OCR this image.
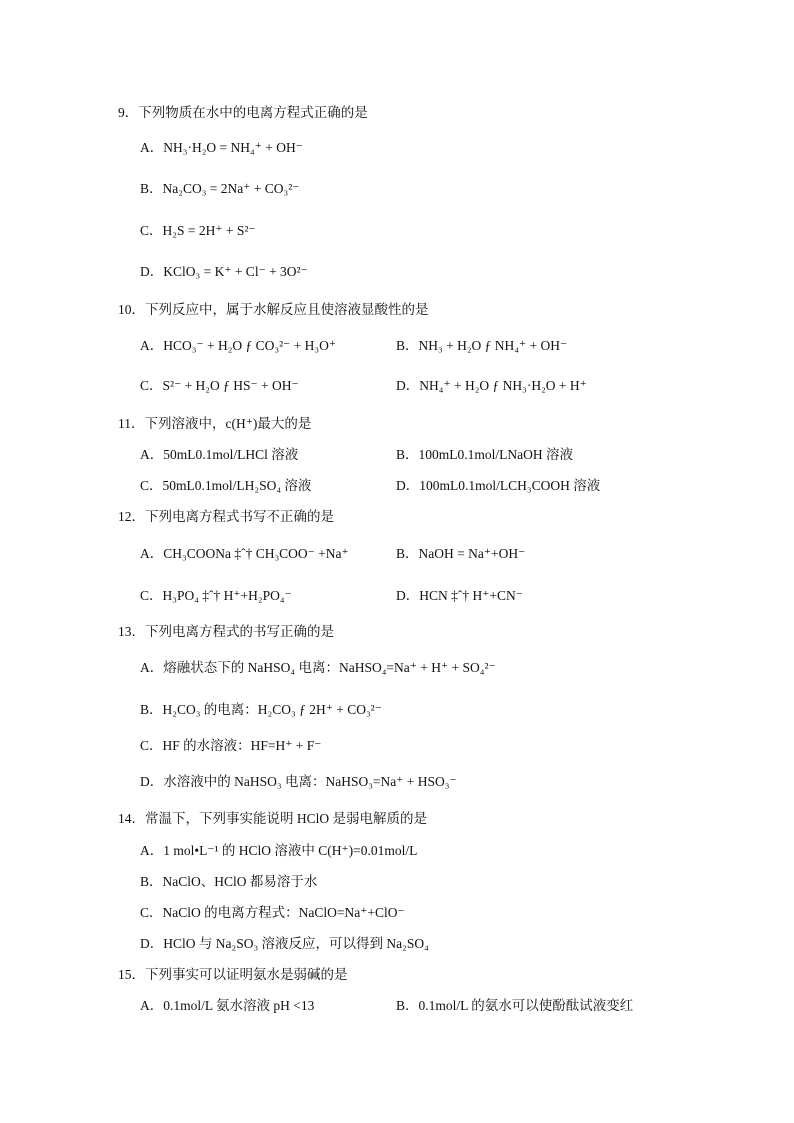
9．下列物质在水中的电离方程式正确的是
A．NH₃·H₂O = NH₄⁺ + OH⁻
B．Na₂CO₃ = 2Na⁺ + CO₃²⁻
C．H₂S = 2H⁺ + S²⁻
D．KClO₃ = K⁺ + Cl⁻ + 3O²⁻
10．下列反应中，属于水解反应且使溶液显酸性的是
A．HCO₃⁻ + H₂O ƒ CO₃²⁻ + H₃O⁺	B．NH₃ + H₂O ƒ NH₄⁺ + OH⁻
C．S²⁻ + H₂O ƒ HS⁻ + OH⁻	D．NH₄⁺ + H₂O ƒ NH₃·H₂O + H⁺
11．下列溶液中，c(H⁺)最大的是
A．50mL0.1mol/LHCl 溶液	B．100mL0.1mol/LNaOH 溶液
C．50mL0.1mol/LH₂SO₄ 溶液	D．100mL0.1mol/LCH₃COOH 溶液
12．下列电离方程式书写不正确的是
A．CH₃COONa ‡ˆ† CH₃COO⁻ +Na⁺	B．NaOH = Na⁺+OH⁻
C．H₃PO₄ ‡ˆ† H⁺+H₂PO₄⁻	D．HCN ‡ˆ† H⁺+CN⁻
13．下列电离方程式的书写正确的是
A．熔融状态下的 NaHSO₄ 电离：NaHSO₄=Na⁺ + H⁺ + SO₄²⁻
B．H₂CO₃ 的电离：H₂CO₃ ƒ 2H⁺ + CO₃²⁻
C．HF 的水溶液：HF=H⁺ + F⁻
D．水溶液中的 NaHSO₃ 电离：NaHSO₃=Na⁺ + HSO₃⁻
14．常温下，下列事实能说明 HClO 是弱电解质的是
A．1 mol•L⁻¹ 的 HClO 溶液中 C(H⁺)=0.01mol/L
B．NaClO、HClO 都易溶于水
C．NaClO 的电离方程式：NaClO=Na⁺+ClO⁻
D．HClO 与 Na₂SO₃ 溶液反应，可以得到 Na₂SO₄
15．下列事实可以证明氨水是弱碱的是
A．0.1mol/L 氨水溶液 pH <13	B．0.1mol/L 的氨水可以使酚酞试液变红
